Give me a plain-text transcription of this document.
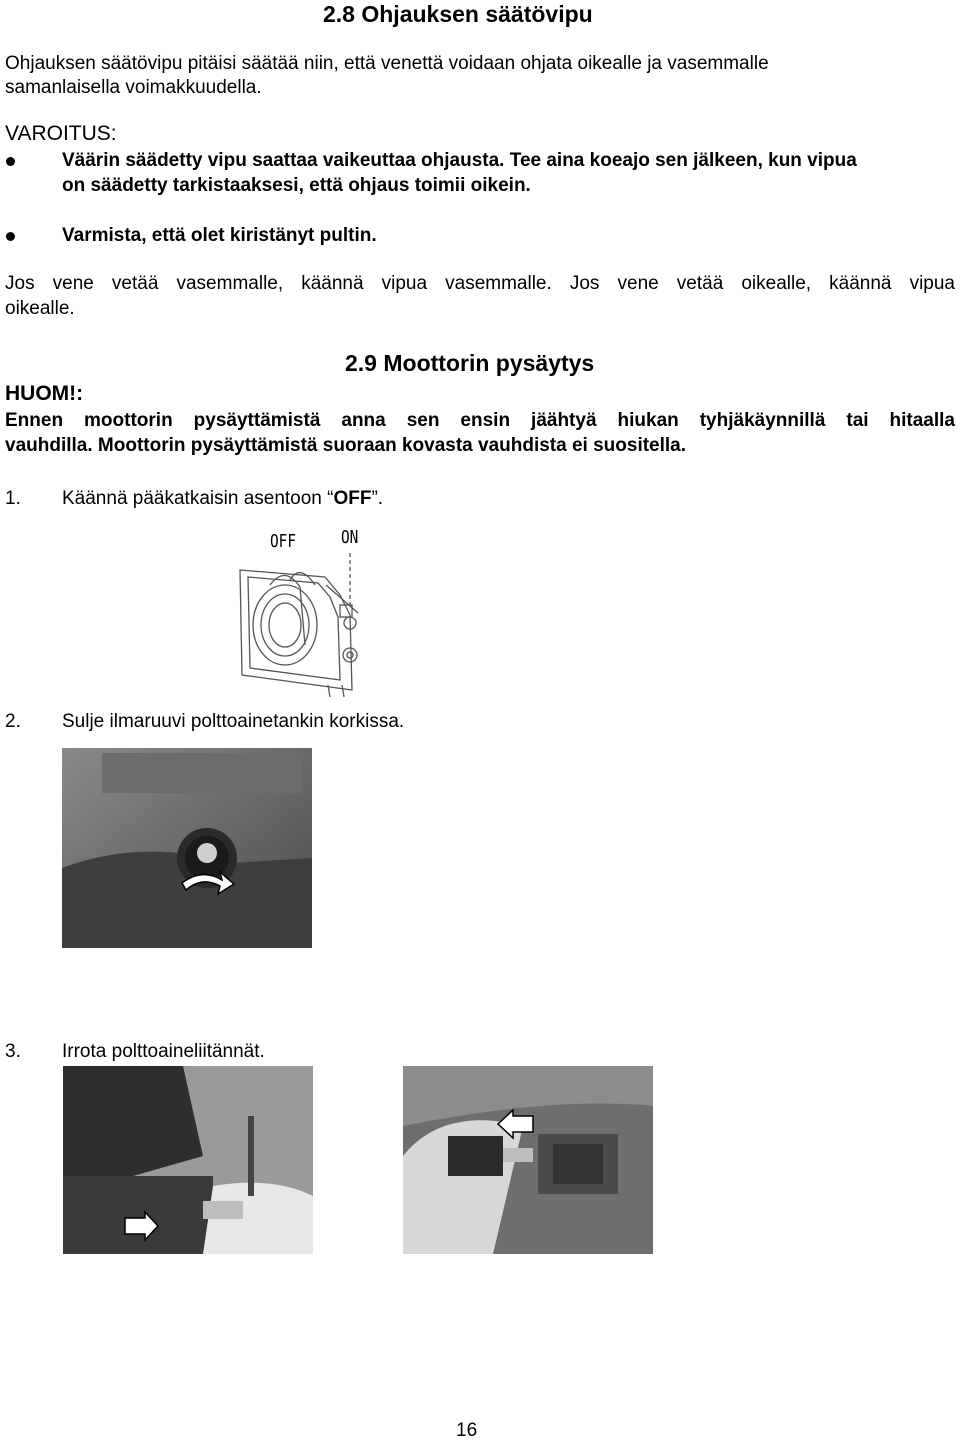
2.8 Ohjauksen säätövipu
Ohjauksen säätövipu pitäisi säätää niin, että venettä voidaan ohjata oikealle ja vasemmalle
samanlaisella voimakkuudella.
VAROITUS:
Väärin säädetty vipu saattaa vaikeuttaa ohjausta. Tee aina koeajo sen jälkeen, kun vipua
on säädetty tarkistaaksesi, että ohjaus toimii oikein.
Varmista, että olet kiristänyt pultin.
Jos vene vetää vasemmalle, käännä vipua vasemmalle. Jos vene vetää oikealle, käännä vipua
oikealle.
2.9 Moottorin pysäytys
HUOM!:
Ennen moottorin pysäyttämistä anna sen ensin jäähtyä hiukan tyhjäkäynnillä tai hitaalla
vauhdilla. Moottorin pysäyttämistä suoraan kovasta vauhdista ei suositella.
1. Käännä pääkatkaisin asentoon “OFF”.
OFF ON
2. Sulje ilmaruuvi polttoainetankin korkissa.
3. Irrota polttoaineliitännät.
16
